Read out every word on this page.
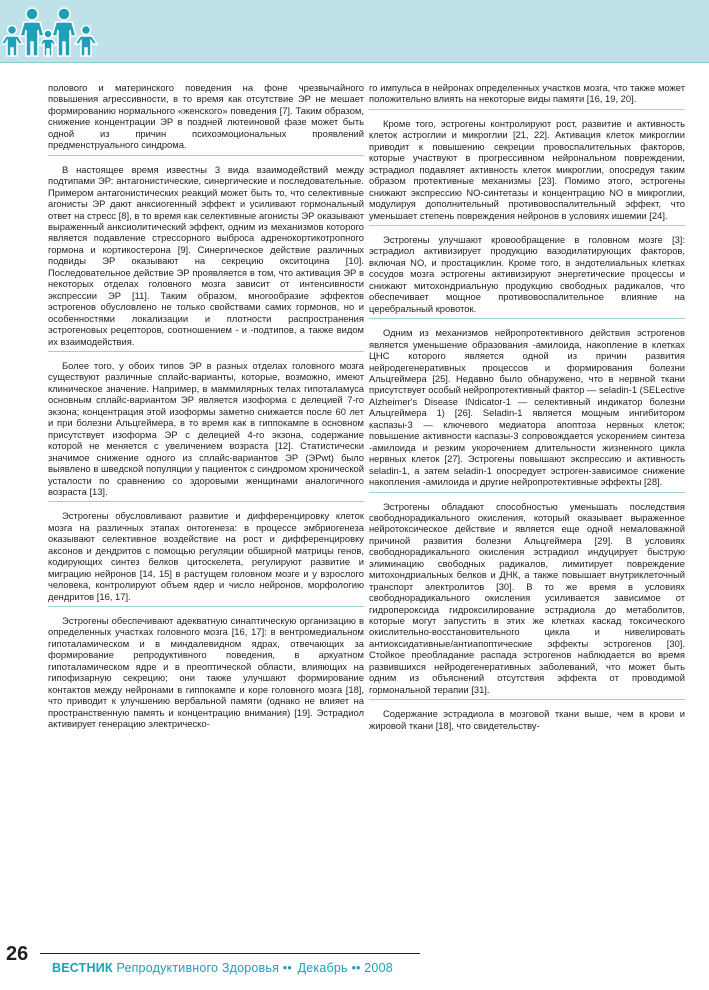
полового и материнского поведения на фоне чрезвычайного повышения агрессивности, в то время как отсутствие ЭР не мешает формированию нормального «женского» поведения [7]. Таким образом, снижение концентрации ЭР в поздней лютеиновой фазе может быть одной из причин психоэмоциональных проявлений предменструального синдрома.

В настоящее время известны 3 вида взаимодействий между подтипами ЭР: антагонистические, синергические и последовательные. Примером антагонистических реакций может быть то, что селективные агонисты ЭР дают анксиогенный эффект и усиливают гормональный ответ на стресс [8], в то время как селективные агонисты ЭР оказывают выраженный анксиолитический эффект, одним из механизмов которого является подавление стрессорного выброса адренокортикотропного гормона и кортикостерона [9]. Синергическое действие различных подвиды ЭР оказывают на секрецию окситоцина [10]. Последовательное действие ЭР проявляется в том, что активация ЭР в некоторых отделах головного мозга зависит от интенсивности экспрессии ЭР [11]. Таким образом, многообразие эффектов эстрогенов обусловлено не только свойствами самих гормонов, но и особенностями локализации и плотности распространения эстрогеновых рецепторов, соотношением - и -подтипов, а также видом их взаимодействия.

Более того, у обоих типов ЭР в разных отделах головного мозга существуют различные сплайс-варианты, которые, возможно, имеют клиническое значение. Например, в маммилярных телах гипоталамуса основным сплайс-вариантом ЭР является изоформа с делецией 7-го экзона; концентрация этой изоформы заметно снижается после 60 лет и при болезни Альцгеймера, в то время как в гиппокампе в основном присутствует изоформа ЭР с делецией 4-го экзона, содержание которой не меняется с увеличением возраста [12]. Статистически значимое снижение одного из сплайс-вариантов ЭР (ЭРwt) было выявлено в шведской популяции у пациенток с синдромом хронической усталости по сравнению со здоровыми женщинами аналогичного возраста [13].

Эстрогены обусловливают развитие и дифференцировку клеток мозга на различных этапах онтогенеза: в процессе эмбриогенеза оказывают селективное воздействие на рост и дифференцировку аксонов и дендритов с помощью регуляции обширной матрицы генов, кодирующих синтез белков цитоскелета, регулируют развитие и миграцию нейронов [14, 15] в растущем головном мозге и у взрослого человека, контролируют объем ядер и число нейронов, морфологию дендритов [16, 17].

Эстрогены обеспечивают адекватную синаптическую организацию в определенных участках головного мозга [16, 17]: в вентромедиальном гипоталамическом и в миндалевидном ядрах, отвечающих за формирование репродуктивного поведения, в аркуатном гипоталамическом ядре и в преоптической области, влияющих на гипофизарную секрецию; они также улучшают формирование контактов между нейронами в гиппокампе и коре головного мозга [18], что приводит к улучшению вербальной памяти (однако не влияет на пространственную память и концентрацию внимания) [19]. Эстрадиол активирует генерацию электрическо-

го импульса в нейронах определенных участков мозга, что также может положительно влиять на некоторые виды памяти [16, 19, 20].

Кроме того, эстрогены контролируют рост, развитие и активность клеток астроглии и микроглии [21, 22]. Активация клеток микроглии приводит к повышению секреции провоспалительных факторов, которые участвуют в прогрессивном нейрональном повреждении, эстрадиол подавляет активность клеток микроглии, опосредуя таким образом протективные механизмы [23]. Помимо этого, эстрогены снижают экспрессию NO-синтетазы и концентрацию NO в микроглии, модулируя дополнительный противовоспалительный эффект, что уменьшает степень повреждения нейронов в условиях ишемии [24].

Эстрогены улучшают кровообращение в головном мозге [3]: эстрадиол активизирует продукцию вазодилатирующих факторов, включая NO, и простациклин. Кроме того, в эндотелиальных клетках сосудов мозга эстрогены активизируют энергетические процессы и снижают митохондриальную продукцию свободных радикалов, что обеспечивает мощное противовоспалительное влияние на церебральный кровоток.

Одним из механизмов нейропротективного действия эстрогенов является уменьшение образования -амилоида, накопление в клетках ЦНС которого является одной из причин развития нейродегенеративных процессов и формирования болезни Альцгеймера [25]. Недавно было обнаружено, что в нервной ткани присутствует особый нейропротективный фактор — seladin-1 (SELective Alzheimer's Disease INdicator-1 — селективный индикатор болезни Альцгеймера 1) [26]. Seladin-1 является мощным ингибитором каспазы-3 — ключевого медиатора апоптоза нервных клеток; повышение активности каспазы-3 сопровождается ускорением синтеза -амилоида и резким укорочением длительности жизненного цикла нервных клеток [27]. Эстрогены повышают экспрессию и активность seladin-1, а затем seladin-1 опосредует эстроген-зависимое снижение накопления -амилоида и другие нейропротективные эффекты [28].

Эстрогены обладают способностью уменьшать последствия свободнорадикального окисления, который оказывает выраженное нейротоксическое действие и является еще одной немаловажной причиной развития болезни Альцгеймера [29]. В условиях свободнорадикального окисления эстрадиол индуцирует быструю элиминацию свободных радикалов, лимитирует повреждение митохондриальных белков и ДНК, а также повышает внутриклеточный транспорт электролитов [30]. В то же время в условиях свободнорадикального окисления усиливается зависимое от гидропероксида гидроксилирование эстрадиола до метаболитов, которые могут запустить в этих же клетках каскад токсического окислительно-восстановительного цикла и нивелировать антиоксидативные/антиапоптические эффекты эстрогенов [30]. Стойкое преобладание распада эстрогенов наблюдается во время развившихся нейродегенеративных заболеваний, что может быть одним из объяснений отсутствия эффекта от проводимой гормональной терапии [31].

Содержание эстрадиола в мозговой ткани выше, чем в крови и жировой ткани [18], что свидетельству-

26
ВЕСТНИК Репродуктивного Здоровья •• Декабрь •• 2008
